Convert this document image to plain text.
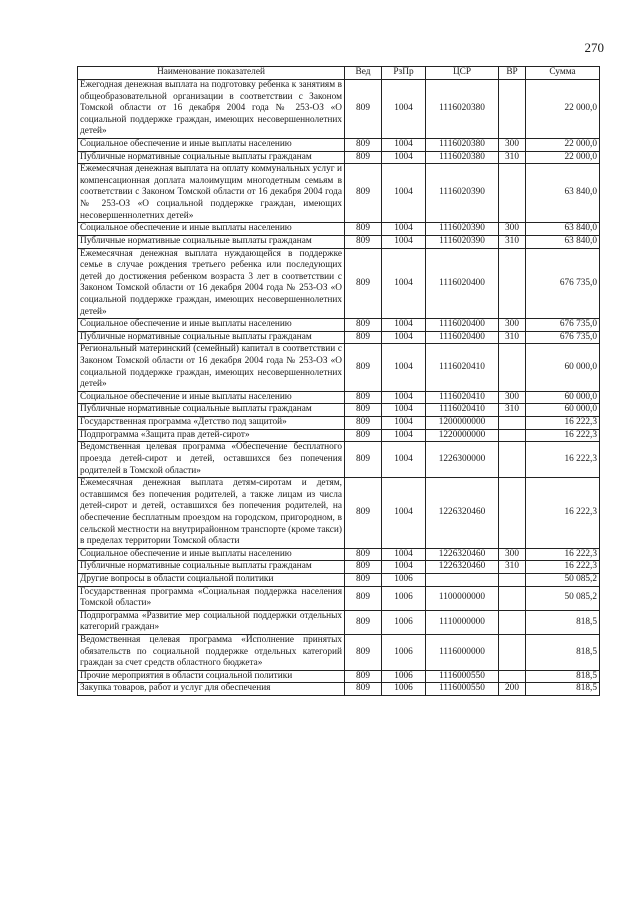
270
Наименование показателей	Вед	РзПр	ЦСР	ВР	Сумма
Ежегодная денежная выплата на подготовку ребенка к занятиям в общеобразовательной организации в соответствии с Законом Томской области от 16 декабря 2004 года № 253-ОЗ «О социальной поддержке граждан, имеющих несовершеннолетних детей»	809	1004	1116020380		22 000,0
Социальное обеспечение и иные выплаты населению	809	1004	1116020380	300	22 000,0
Публичные нормативные социальные выплаты гражданам	809	1004	1116020380	310	22 000,0
Ежемесячная денежная выплата на оплату коммунальных услуг и компенсационная доплата малоимущим многодетным семьям в соответствии с Законом Томской области от 16 декабря 2004 года № 253-ОЗ «О социальной поддержке граждан, имеющих несовершеннолетних детей»	809	1004	1116020390		63 840,0
Социальное обеспечение и иные выплаты населению	809	1004	1116020390	300	63 840,0
Публичные нормативные социальные выплаты гражданам	809	1004	1116020390	310	63 840,0
Ежемесячная денежная выплата нуждающейся в поддержке семье в случае рождения третьего ребенка или последующих детей до достижения ребенком возраста 3 лет в соответствии с Законом Томской области от 16 декабря 2004 года № 253-ОЗ «О социальной поддержке граждан, имеющих несовершеннолетних детей»	809	1004	1116020400		676 735,0
Социальное обеспечение и иные выплаты населению	809	1004	1116020400	300	676 735,0
Публичные нормативные социальные выплаты гражданам	809	1004	1116020400	310	676 735,0
Региональный материнский (семейный) капитал в соответствии с Законом Томской области от 16 декабря 2004 года № 253-ОЗ «О социальной поддержке граждан, имеющих несовершеннолетних детей»	809	1004	1116020410		60 000,0
Социальное обеспечение и иные выплаты населению	809	1004	1116020410	300	60 000,0
Публичные нормативные социальные выплаты гражданам	809	1004	1116020410	310	60 000,0
Государственная программа «Детство под защитой»	809	1004	1200000000		16 222,3
Подпрограмма «Защита прав детей-сирот»	809	1004	1220000000		16 222,3
Ведомственная целевая программа «Обеспечение бесплатного проезда детей-сирот и детей, оставшихся без попечения родителей в Томской области»	809	1004	1226300000		16 222,3
Ежемесячная денежная выплата детям-сиротам и детям, оставшимся без попечения родителей, а также лицам из числа детей-сирот и детей, оставшихся без попечения родителей, на обеспечение бесплатным проездом на городском, пригородном, в сельской местности на внутрирайонном транспорте (кроме такси) в пределах территории Томской области	809	1004	1226320460		16 222,3
Социальное обеспечение и иные выплаты населению	809	1004	1226320460	300	16 222,3
Публичные нормативные социальные выплаты гражданам	809	1004	1226320460	310	16 222,3
Другие вопросы в области социальной политики	809	1006			50 085,2
Государственная программа «Социальная поддержка населения Томской области»	809	1006	1100000000		50 085,2
Подпрограмма «Развитие мер социальной поддержки отдельных категорий граждан»	809	1006	1110000000		818,5
Ведомственная целевая программа «Исполнение принятых обязательств по социальной поддержке отдельных категорий граждан за счет средств областного бюджета»	809	1006	1116000000		818,5
Прочие мероприятия в области социальной политики	809	1006	1116000550		818,5
Закупка товаров, работ и услуг для обеспечения	809	1006	1116000550	200	818,5
